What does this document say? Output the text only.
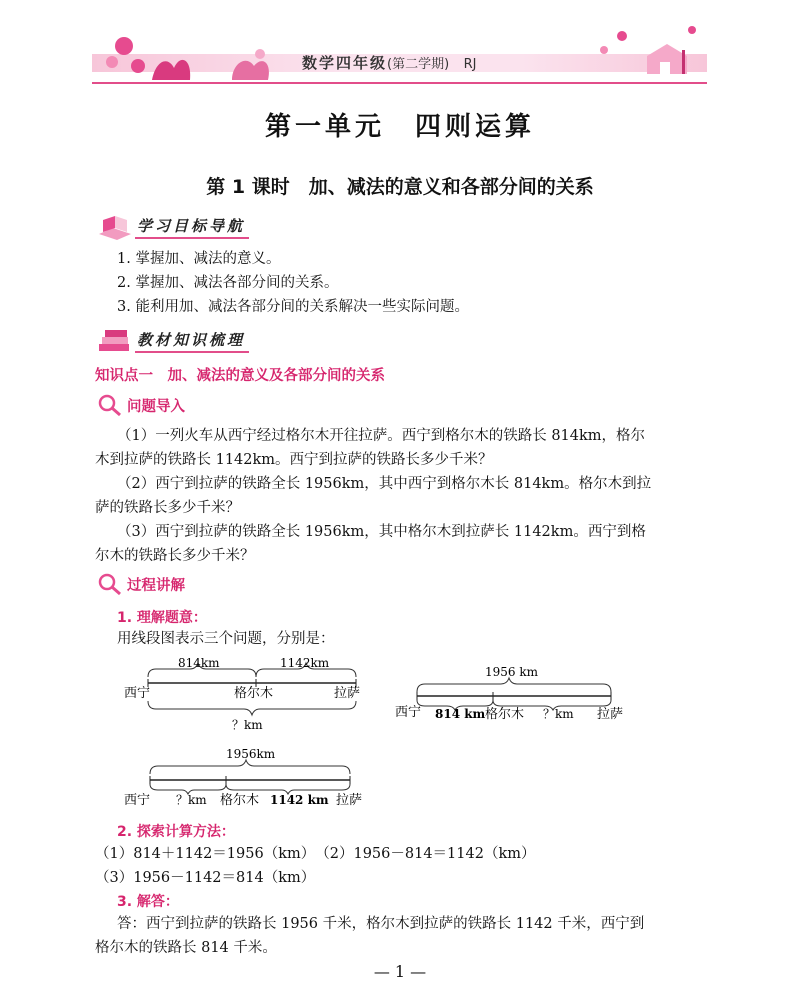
数学四年级(第二学期) RJ
第一单元　四则运算
第 1 课时　加、减法的意义和各部分间的关系
学习目标导航
1. 掌握加、减法的意义。
2. 掌握加、减法各部分间的关系。
3. 能利用加、减法各部分间的关系解决一些实际问题。
教材知识梳理
知识点一　加、减法的意义及各部分间的关系
问题导入
（1）一列火车从西宁经过格尔木开往拉萨。西宁到格尔木的铁路长 814km，格尔
木到拉萨的铁路长 1142km。西宁到拉萨的铁路长多少千米？
（2）西宁到拉萨的铁路全长 1956km，其中西宁到格尔木长 814km。格尔木到拉
萨的铁路长多少千米？
（3）西宁到拉萨的铁路全长 1956km，其中格尔木到拉萨长 1142km。西宁到格
尔木的铁路长多少千米？
过程讲解
1. 理解题意：
用线段图表示三个问题，分别是：
814km	1142km
西宁	格尔木	拉萨
？km
1956 km
西宁 814 km 格尔木 ？km 拉萨
1956km
西宁 ？km 格尔木 1142 km 拉萨
2. 探索计算方法：
（1）814＋1142＝1956（km）　（2）1956－814＝1142（km）
（3）1956－1142＝814（km）
3. 解答：
答：西宁到拉萨的铁路长 1956 千米，格尔木到拉萨的铁路长 1142 千米，西宁到
格尔木的铁路长 814 千米。
— 1 —
